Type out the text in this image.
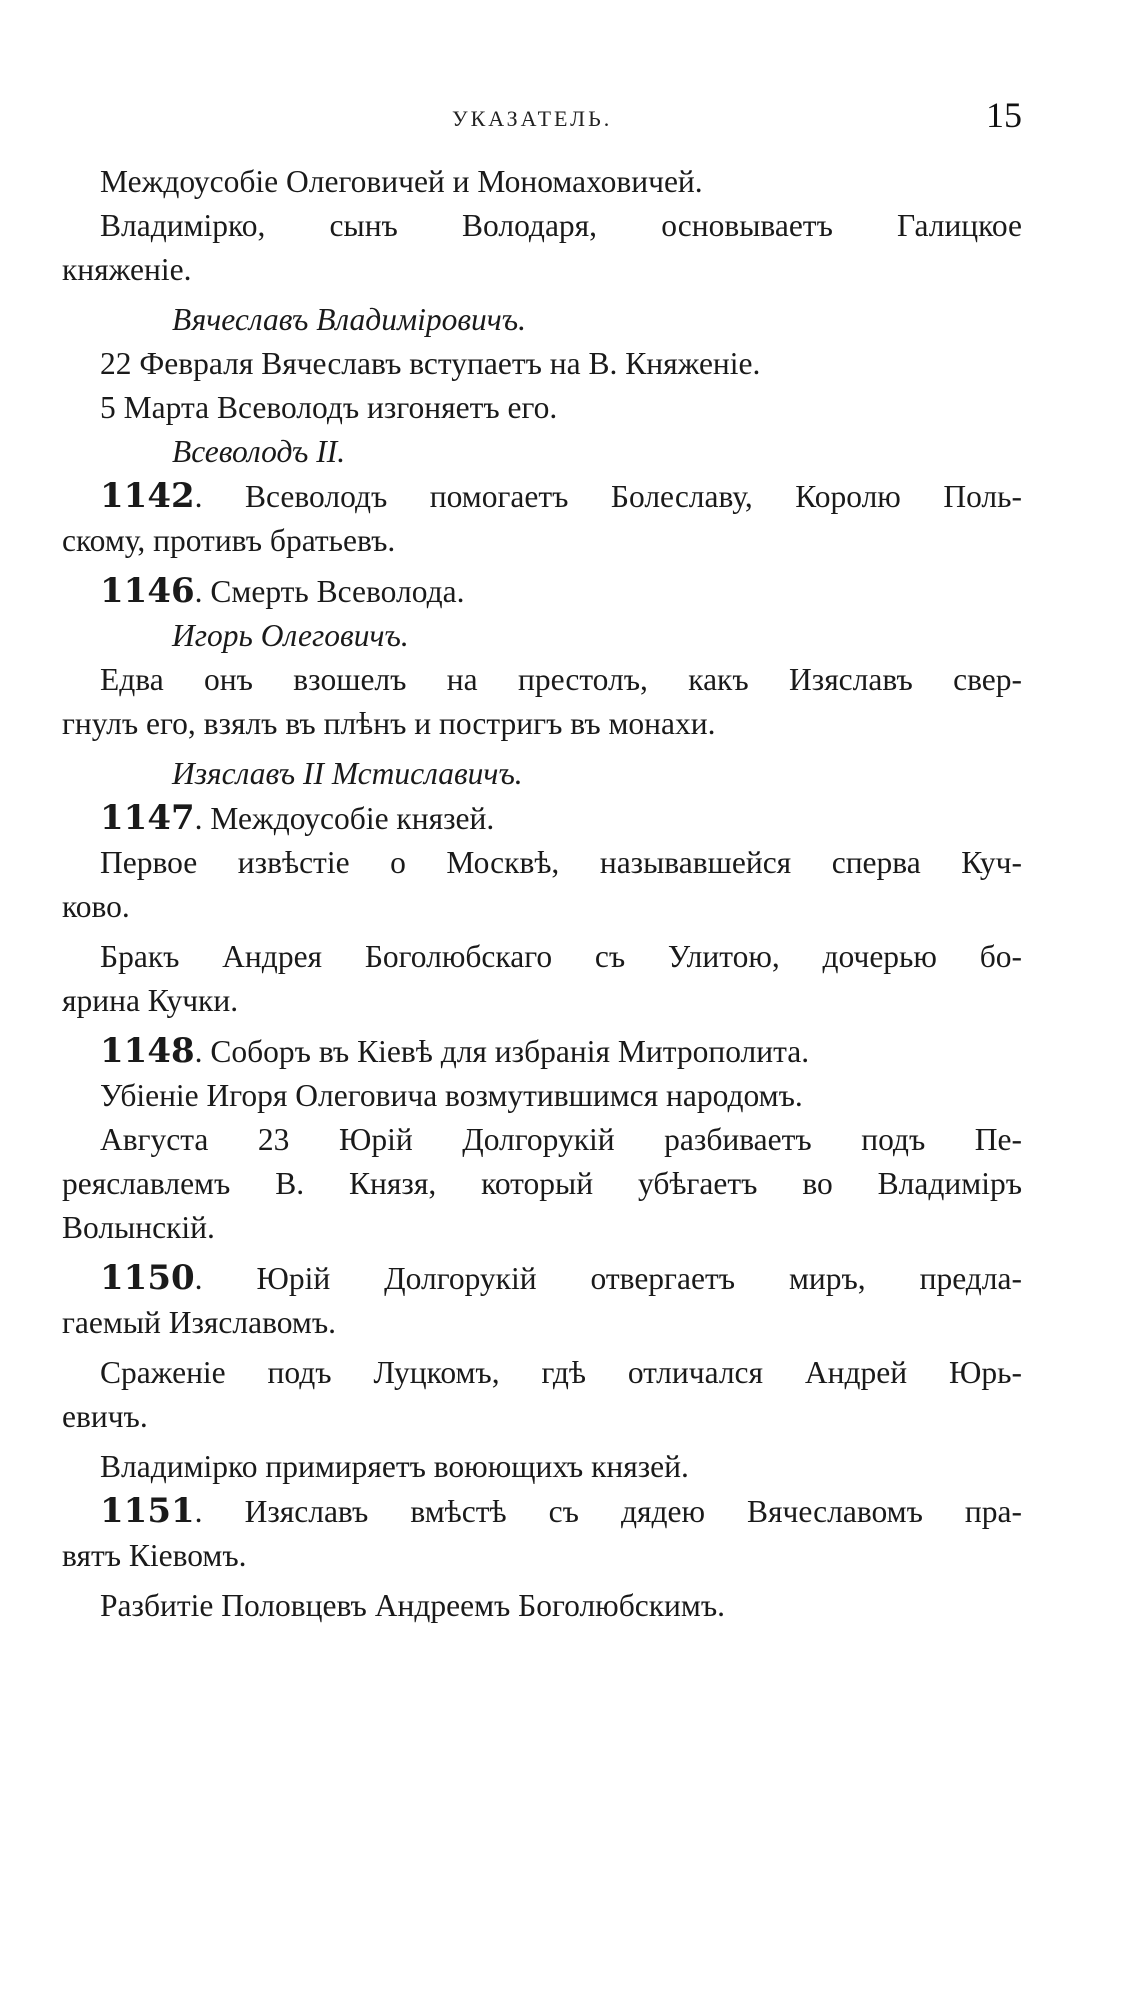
УКАЗАТЕЛЬ.	15
Междоусобіе Олеговичей и Мономаховичей.
Владимірко, сынъ Володаря, основываетъ Галицкое
княженіе.
Вячеславъ Владиміровичъ.
22 Февраля Вячеславъ вступаетъ на В. Княженіе.
5 Марта Всеволодъ изгоняетъ его.
Всеволодъ II.
1142. Всеволодъ помогаетъ Болеславу, Королю Поль-
скому, противъ братьевъ.
1146. Смерть Всеволода.
Игорь Олеговичъ.
Едва онъ взошелъ на престолъ, какъ Изяславъ свер-
гнулъ его, взялъ въ плѣнъ и постригъ въ монахи.
Изяславъ II Мстиславичъ.
1147. Междоусобіе князей.
Первое извѣстіе о Москвѣ, называвшейся сперва Куч-
ково.
Бракъ Андрея Боголюбскаго съ Улитою, дочерью бо-
ярина Кучки.
1148. Соборъ въ Кіевѣ для избранія Митрополита.
Убіеніе Игоря Олеговича возмутившимся народомъ.
Августа 23 Юрій Долгорукій разбиваетъ подъ Пе-
реяславлемъ В. Князя, который убѣгаетъ во Владиміръ
Волынскій.
1150. Юрій Долгорукій отвергаетъ миръ, предла-
гаемый Изяславомъ.
Сраженіе подъ Луцкомъ, гдѣ отличался Андрей Юрь-
евичъ.
Владимірко примиряетъ воюющихъ князей.
1151. Изяславъ вмѣстѣ съ дядею Вячеславомъ пра-
вятъ Кіевомъ.
Разбитіе Половцевъ Андреемъ Боголюбскимъ.
